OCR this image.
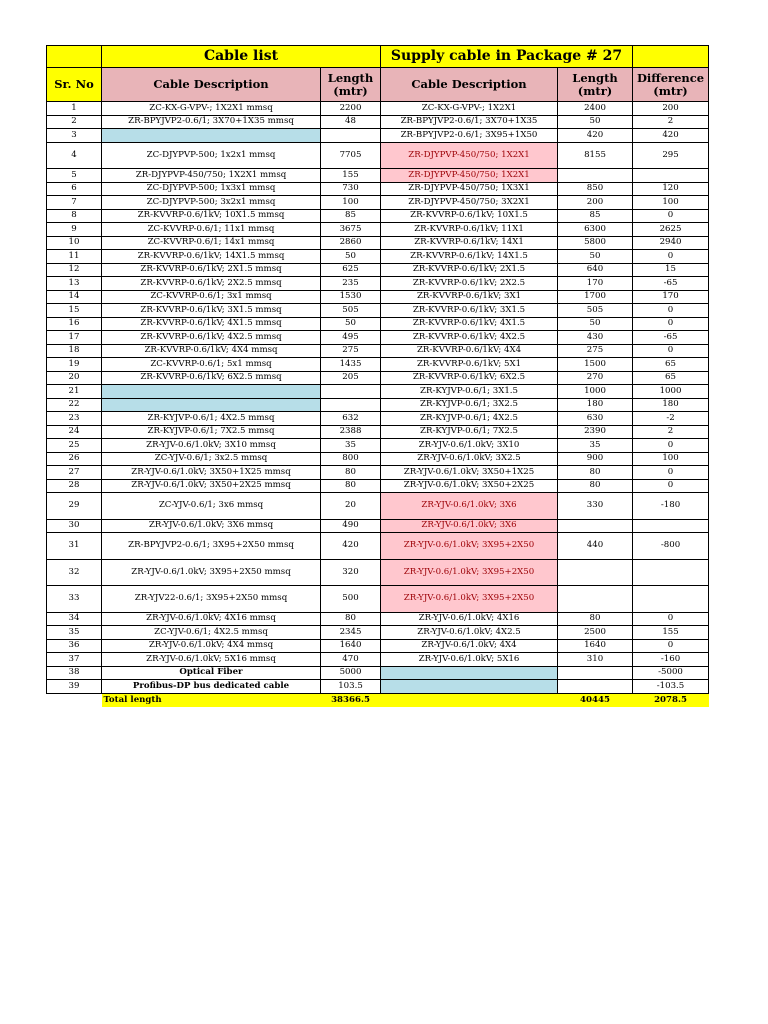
	Cable list		Supply cable in Package # 27		
Sr. No	Cable Description	Length (mtr)	Cable Description	Length (mtr)	Difference (mtr)
1	ZC-KX-G-VPV-; 1X2X1 mmsq	2200	ZC-KX-G-VPV-; 1X2X1	2400	200
2	ZR-BPYJVP2-0.6/1; 3X70+1X35 mmsq	48	ZR-BPYJVP2-0.6/1; 3X70+1X35	50	2
3			ZR-BPYJVP2-0.6/1; 3X95+1X50	420	420
4	ZC-DJYPVP-500; 1x2x1 mmsq	7705	ZR-DJYPVP-450/750; 1X2X1	8155	295
5	ZR-DJYPVP-450/750; 1X2X1 mmsq	155	ZR-DJYPVP-450/750; 1X2X1		
6	ZC-DJYPVP-500; 1x3x1 mmsq	730	ZR-DJYPVP-450/750; 1X3X1	850	120
7	ZC-DJYPVP-500; 3x2x1 mmsq	100	ZR-DJYPVP-450/750; 3X2X1	200	100
8	ZR-KVVRP-0.6/1kV; 10X1.5 mmsq	85	ZR-KVVRP-0.6/1kV; 10X1.5	85	0
9	ZC-KVVRP-0.6/1; 11x1 mmsq	3675	ZR-KVVRP-0.6/1kV; 11X1	6300	2625
10	ZC-KVVRP-0.6/1; 14x1 mmsq	2860	ZR-KVVRP-0.6/1kV; 14X1	5800	2940
11	ZR-KVVRP-0.6/1kV; 14X1.5 mmsq	50	ZR-KVVRP-0.6/1kV; 14X1.5	50	0
12	ZR-KVVRP-0.6/1kV; 2X1.5 mmsq	625	ZR-KVVRP-0.6/1kV; 2X1.5	640	15
13	ZR-KVVRP-0.6/1kV; 2X2.5 mmsq	235	ZR-KVVRP-0.6/1kV; 2X2.5	170	-65
14	ZC-KVVRP-0.6/1; 3x1 mmsq	1530	ZR-KVVRP-0.6/1kV; 3X1	1700	170
15	ZR-KVVRP-0.6/1kV; 3X1.5 mmsq	505	ZR-KVVRP-0.6/1kV; 3X1.5	505	0
16	ZR-KVVRP-0.6/1kV; 4X1.5 mmsq	50	ZR-KVVRP-0.6/1kV; 4X1.5	50	0
17	ZR-KVVRP-0.6/1kV; 4X2.5 mmsq	495	ZR-KVVRP-0.6/1kV; 4X2.5	430	-65
18	ZR-KVVRP-0.6/1kV; 4X4 mmsq	275	ZR-KVVRP-0.6/1kV; 4X4	275	0
19	ZC-KVVRP-0.6/1; 5x1 mmsq	1435	ZR-KVVRP-0.6/1kV; 5X1	1500	65
20	ZR-KVVRP-0.6/1kV; 6X2.5 mmsq	205	ZR-KVVRP-0.6/1kV; 6X2.5	270	65
21			ZR-KYJVP-0.6/1; 3X1.5	1000	1000
22			ZR-KYJVP-0.6/1; 3X2.5	180	180
23	ZR-KYJVP-0.6/1; 4X2.5 mmsq	632	ZR-KYJVP-0.6/1; 4X2.5	630	-2
24	ZR-KYJVP-0.6/1; 7X2.5 mmsq	2388	ZR-KYJVP-0.6/1; 7X2.5	2390	2
25	ZR-YJV-0.6/1.0kV; 3X10 mmsq	35	ZR-YJV-0.6/1.0kV; 3X10	35	0
26	ZC-YJV-0.6/1; 3x2.5 mmsq	800	ZR-YJV-0.6/1.0kV; 3X2.5	900	100
27	ZR-YJV-0.6/1.0kV; 3X50+1X25 mmsq	80	ZR-YJV-0.6/1.0kV; 3X50+1X25	80	0
28	ZR-YJV-0.6/1.0kV; 3X50+2X25 mmsq	80	ZR-YJV-0.6/1.0kV; 3X50+2X25	80	0
29	ZC-YJV-0.6/1; 3x6 mmsq	20	ZR-YJV-0.6/1.0kV; 3X6	330	-180
30	ZR-YJV-0.6/1.0kV; 3X6 mmsq	490	ZR-YJV-0.6/1.0kV; 3X6		
31	ZR-BPYJVP2-0.6/1; 3X95+2X50 mmsq	420	ZR-YJV-0.6/1.0kV; 3X95+2X50	440	-800
32	ZR-YJV-0.6/1.0kV; 3X95+2X50 mmsq	320	ZR-YJV-0.6/1.0kV; 3X95+2X50		
33	ZR-YJV22-0.6/1; 3X95+2X50 mmsq	500	ZR-YJV-0.6/1.0kV; 3X95+2X50		
34	ZR-YJV-0.6/1.0kV; 4X16 mmsq	80	ZR-YJV-0.6/1.0kV; 4X16	80	0
35	ZC-YJV-0.6/1; 4X2.5 mmsq	2345	ZR-YJV-0.6/1.0kV; 4X2.5	2500	155
36	ZR-YJV-0.6/1.0kV; 4X4 mmsq	1640	ZR-YJV-0.6/1.0kV; 4X4	1640	0
37	ZR-YJV-0.6/1.0kV; 5X16 mmsq	470	ZR-YJV-0.6/1.0kV; 5X16	310	-160
38	Optical Fiber	5000			-5000
39	Profibus-DP bus dedicated cable	103.5			-103.5
	Total length	38366.5		40445	2078.5
